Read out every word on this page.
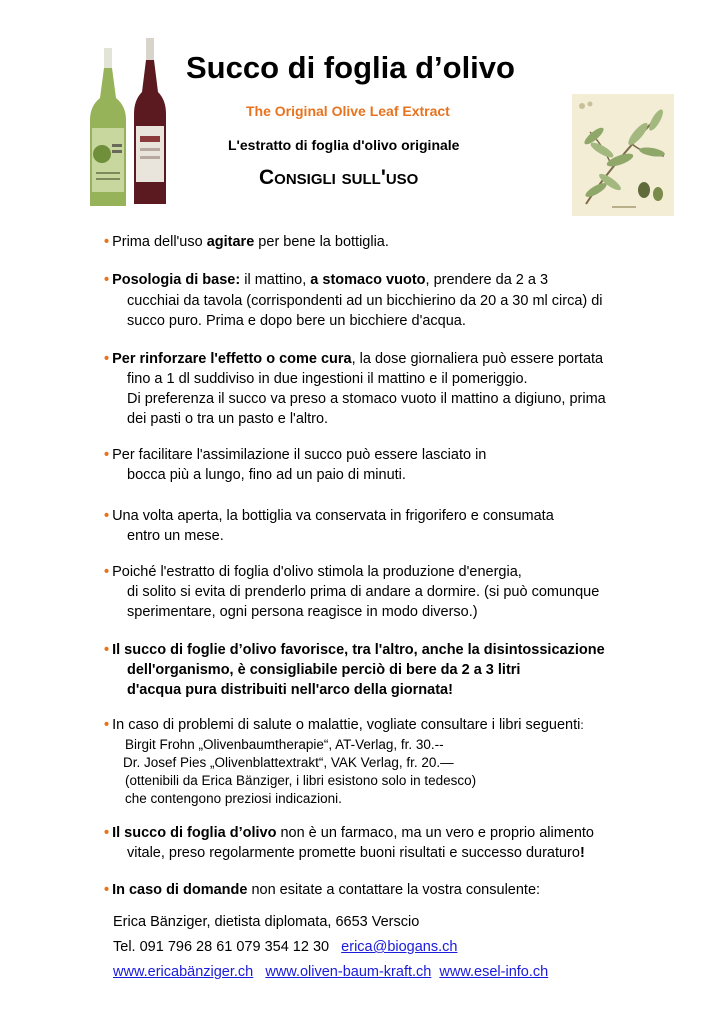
Succo di foglia d’olivo
The Original Olive Leaf Extract
L'estratto di foglia d'olivo originale
Consigli sull'uso
• Prima dell'uso agitare per bene la bottiglia.
• Posologia di base: il mattino, a stomaco vuoto, prendere da 2 a 3
cucchiai da tavola (corrispondenti ad un bicchierino da 20 a 30 ml circa) di
succo puro. Prima e dopo bere un bicchiere d'acqua.
• Per rinforzare l'effetto o come cura, la dose giornaliera può essere portata
fino a 1 dl suddiviso in due ingestioni il mattino e il pomeriggio.
Di preferenza il succo va preso a stomaco vuoto il mattino a digiuno, prima
dei pasti o tra un pasto e l'altro.
• Per facilitare l'assimilazione il succo può essere lasciato in
bocca più a lungo, fino ad un paio di minuti.
• Una volta aperta, la bottiglia va conservata in frigorifero e consumata
entro un mese.
• Poiché l'estratto di foglia d'olivo stimola la produzione d'energia,
di solito si evita di prenderlo prima di andare a dormire. (si può comunque
sperimentare, ogni persona reagisce in modo diverso.)
• Il succo di foglie d’olivo favorisce, tra l'altro, anche la disintossicazione
dell'organismo, è consigliabile perciò di bere da 2 a 3 litri
d'acqua pura distribuiti nell'arco della giornata!
• In caso di problemi di salute o malattie, vogliate consultare i libri seguenti:
Birgit Frohn „Olivenbaumtherapie“, AT-Verlag, fr. 30.--
Dr. Josef Pies „Olivenblattextrakt“, VAK Verlag, fr. 20.—
(ottenibili da Erica Bänziger, i libri esistono solo in tedesco)
che contengono preziosi indicazioni.
• Il succo di foglia d’olivo non è un farmaco, ma un vero e proprio alimento
vitale, preso regolarmente promette buoni risultati e successo duraturo!
• In caso di domande non esitate a contattare la vostra consulente:
Erica Bänziger, dietista diplomata, 6653 Verscio
Tel. 091 796 28 61 079 354 12 30 erica@biogans.ch
www.ericabänziger.ch www.oliven-baum-kraft.ch www.esel-info.ch
